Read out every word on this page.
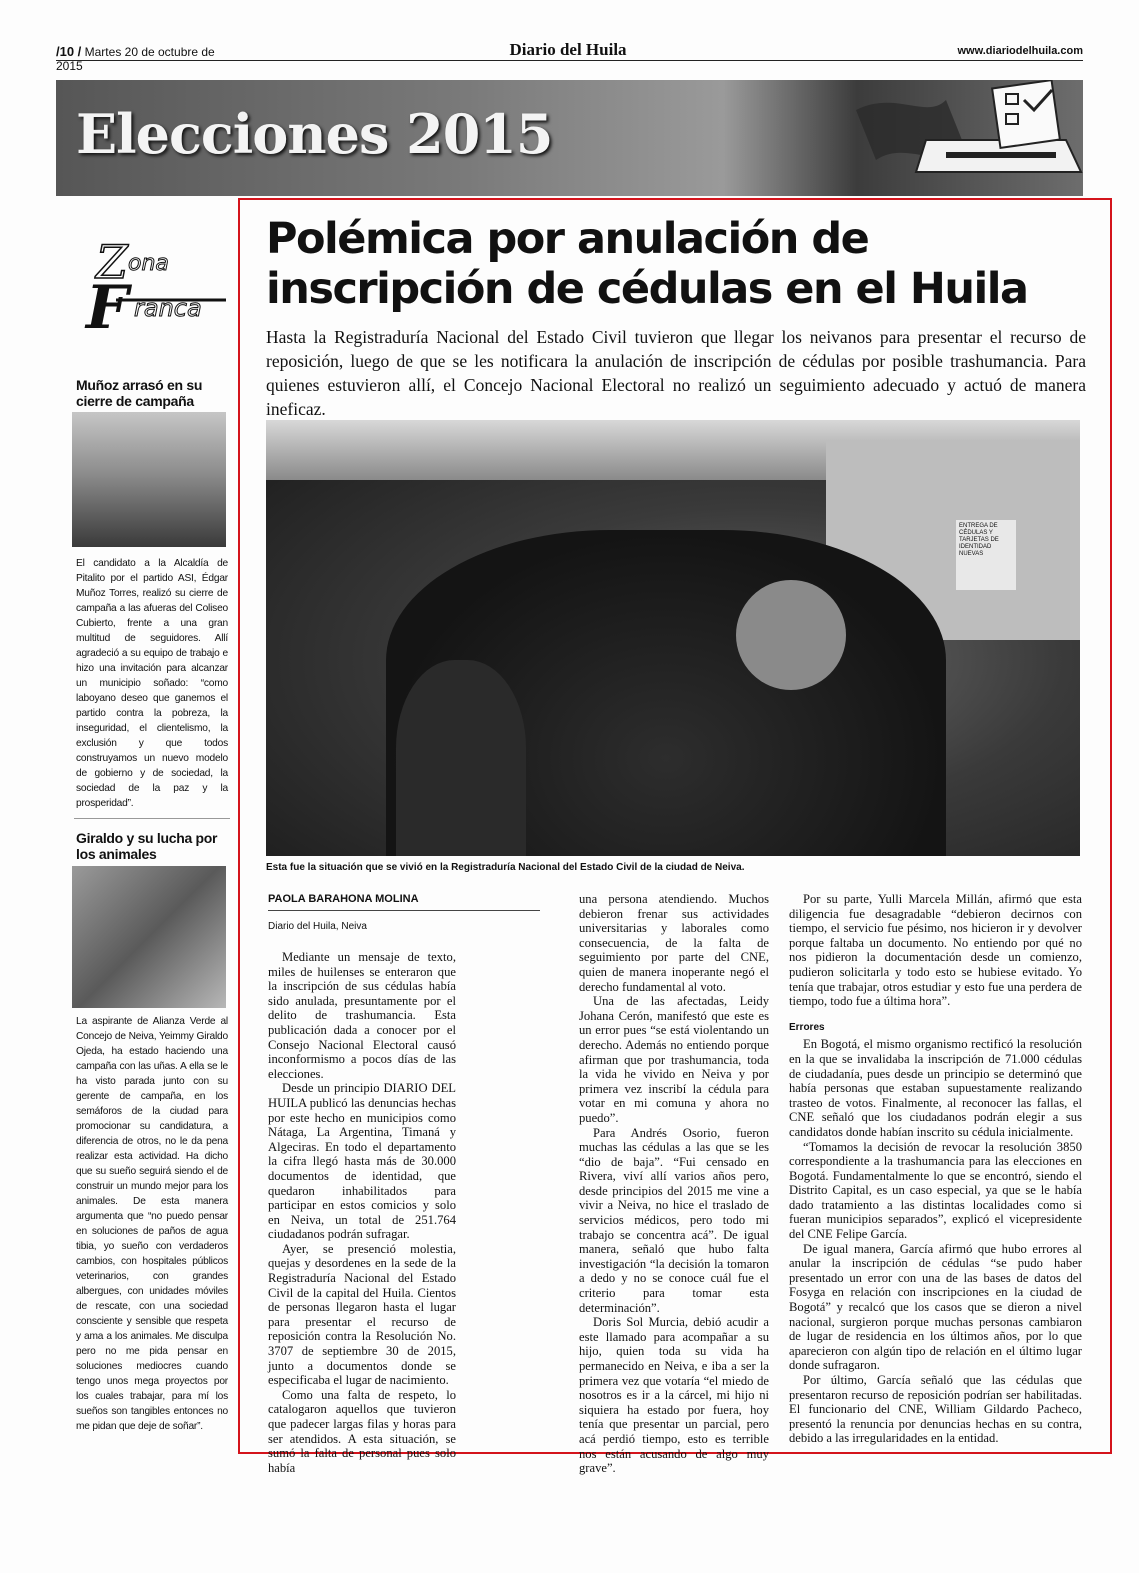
/10 / Martes 20 de octubre de 2015
Diario del Huila	www.diariodelhuila.com
Elecciones 2015
Z ona
F ranca
Muñoz arrasó en su cierre de campaña
El candidato a la Alcaldía de Pitalito por el partido ASI, Édgar Muñoz Torres, realizó su cierre de campaña a las afueras del Coliseo Cubierto, frente a una gran multitud de seguidores. Allí agradeció a su equipo de trabajo e hizo una invitación para alcanzar un municipio soñado: “como laboyano deseo que ganemos el partido contra la pobreza, la inseguridad, el clientelismo, la exclusión y que todos construyamos un nuevo modelo de gobierno y de sociedad, la sociedad de la paz y la prosperidad”.
Giraldo y su lucha por los animales
La aspirante de Alianza Verde al Concejo de Neiva, Yeimmy Giraldo Ojeda, ha estado haciendo una campaña con las uñas. A ella se le ha visto parada junto con su gerente de campaña, en los semáforos de la ciudad para promocionar su candidatura, a diferencia de otros, no le da pena realizar esta actividad. Ha dicho que su sueño seguirá siendo el de construir un mundo mejor para los animales. De esta manera argumenta que “no puedo pensar en soluciones de paños de agua tibia, yo sueño con verdaderos cambios, con hospitales públicos veterinarios, con grandes albergues, con unidades móviles de rescate, con una sociedad consciente y sensible que respeta y ama a los animales. Me disculpa pero no me pida pensar en soluciones mediocres cuando tengo unos mega proyectos por los cuales trabajar, para mí los sueños son tangibles entonces no me pidan que deje de soñar”.
Polémica por anulación de inscripción de cédulas en el Huila
Hasta la Registraduría Nacional del Estado Civil tuvieron que llegar los neivanos para presentar el recurso de reposición, luego de que se les notificara la anulación de inscripción de cédulas por posible trashumancia. Para quienes estuvieron allí, el Concejo Nacional Electoral no realizó un seguimiento adecuado y actuó de manera ineficaz.
ENTREGA DE CÉDULAS Y TARJETAS DE IDENTIDAD NUEVAS
Esta fue la situación que se vivió en la Registraduría Nacional del Estado Civil de la ciudad de Neiva.
PAOLA BARAHONA MOLINA
Diario del Huila, Neiva

Mediante un mensaje de texto, miles de huilenses se enteraron que la inscripción de sus cédulas había sido anulada, presuntamente por el delito de trashumancia. Esta publicación dada a conocer por el Consejo Nacional Electoral causó inconformismo a pocos días de las elecciones.

Desde un principio DIARIO DEL HUILA publicó las denuncias hechas por este hecho en municipios como Nátaga, La Argentina, Timaná y Algeciras. En todo el departamento la cifra llegó hasta más de 30.000 documentos de identidad, que quedaron inhabilitados para participar en estos comicios y solo en Neiva, un total de 251.764 ciudadanos podrán sufragar.

Ayer, se presenció molestia, quejas y desordenes en la sede de la Registraduría Nacional del Estado Civil de la capital del Huila. Cientos de personas llegaron hasta el lugar para presentar el recurso de reposición contra la Resolución No. 3707 de septiembre 30 de 2015, junto a documentos donde se especificaba el lugar de nacimiento.

Como una falta de respeto, lo catalogaron aquellos que tuvieron que padecer largas filas y horas para ser atendidos. A esta situación, se sumó la falta de personal pues solo había

una persona atendiendo. Muchos debieron frenar sus actividades universitarias y laborales como consecuencia, de la falta de seguimiento por parte del CNE, quien de manera inoperante negó el derecho fundamental al voto.

Una de las afectadas, Leidy Johana Cerón, manifestó que este es un error pues “se está violentando un derecho. Además no entiendo porque afirman que por trashumancia, toda la vida he vivido en Neiva y por primera vez inscribí la cédula para votar en mi comuna y ahora no puedo”.

Para Andrés Osorio, fueron muchas las cédulas a las que se les “dio de baja”. “Fui censado en Rivera, viví allí varios años pero, desde principios del 2015 me vine a vivir a Neiva, no hice el traslado de servicios médicos, pero todo mi trabajo se concentra acá”. De igual manera, señaló que hubo falta investigación “la decisión la tomaron a dedo y no se conoce cuál fue el criterio para tomar esta determinación”.

Doris Sol Murcia, debió acudir a este llamado para acompañar a su hijo, quien toda su vida ha permanecido en Neiva, e iba a ser la primera vez que votaría “el miedo de nosotros es ir a la cárcel, mi hijo ni siquiera ha estado por fuera, hoy tenía que presentar un parcial, pero acá perdió tiempo, esto es terrible nos están acusando de algo muy grave”.

Por su parte, Yulli Marcela Millán, afirmó que esta diligencia fue desagradable “debieron decirnos con tiempo, el servicio fue pésimo, nos hicieron ir y devolver porque faltaba un documento. No entiendo por qué no nos pidieron la documentación desde un comienzo, pudieron solicitarla y todo esto se hubiese evitado. Yo tenía que trabajar, otros estudiar y esto fue una perdera de tiempo, todo fue a última hora”.

Errores

En Bogotá, el mismo organismo rectificó la resolución en la que se invalidaba la inscripción de 71.000 cédulas de ciudadanía, pues desde un principio se determinó que había personas que estaban supuestamente realizando trasteo de votos. Finalmente, al reconocer las fallas, el CNE señaló que los ciudadanos podrán elegir a sus candidatos donde habían inscrito su cédula inicialmente.

“Tomamos la decisión de revocar la resolución 3850 correspondiente a la trashumancia para las elecciones en Bogotá. Fundamentalmente lo que se encontró, siendo el Distrito Capital, es un caso especial, ya que se le había dado tratamiento a las distintas localidades como si fueran municipios separados”, explicó el vicepresidente del CNE Felipe García.

De igual manera, García afirmó que hubo errores al anular la inscripción de cédulas “se pudo haber presentado un error con una de las bases de datos del Fosyga en relación con inscripciones en la ciudad de Bogotá” y recalcó que los casos que se dieron a nivel nacional, surgieron porque muchas personas cambiaron de lugar de residencia en los últimos años, por lo que aparecieron con algún tipo de relación en el último lugar donde sufragaron.

Por último, García señaló que las cédulas que presentaron recurso de reposición podrían ser habilitadas. El funcionario del CNE, William Gildardo Pacheco, presentó la renuncia por denuncias hechas en su contra, debido a las irregularidades en la entidad.
